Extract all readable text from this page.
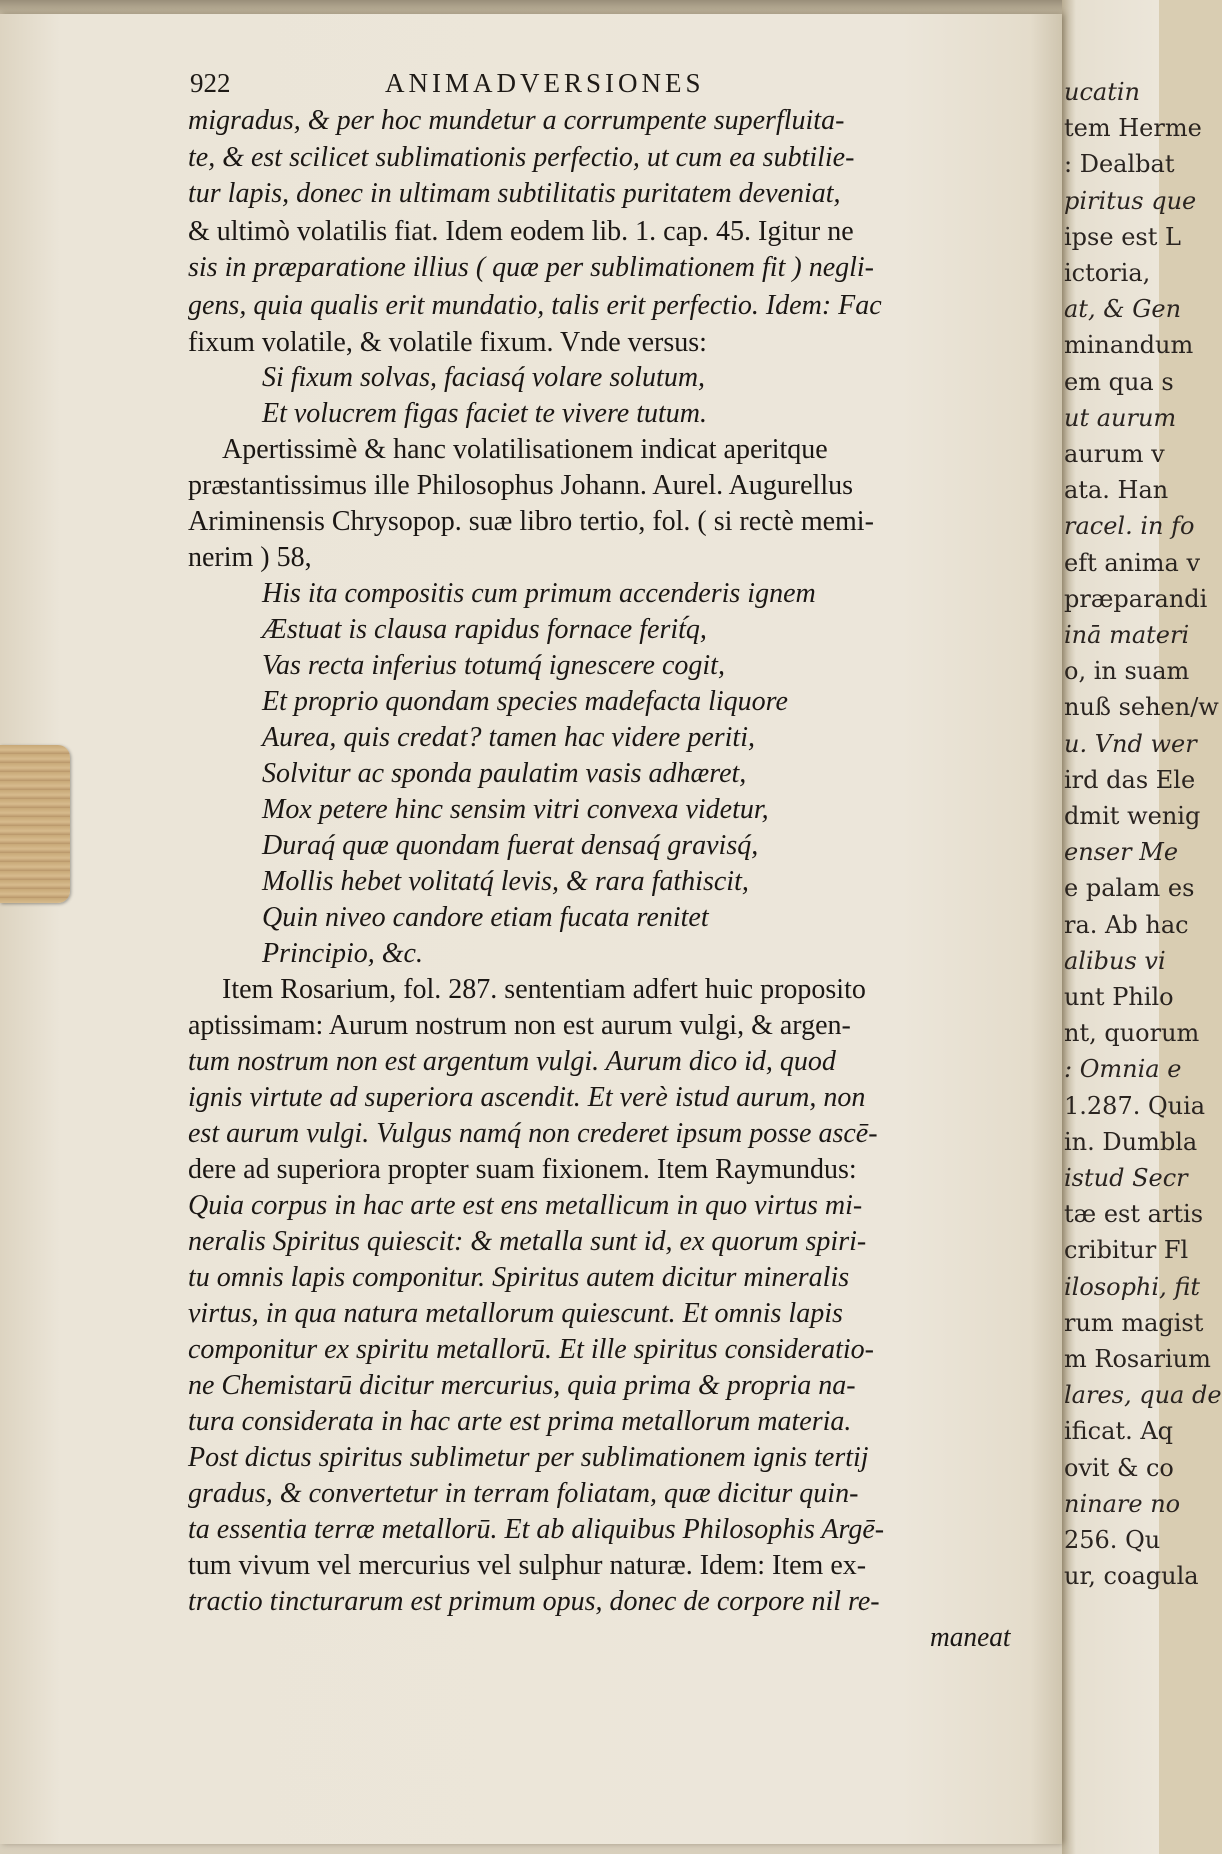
ucatin
tem Herme
: Dealbat
piritus que
ipse est L
ictoria,
at, & Gen
minandum
em qua s
ut aurum
aurum v
ata. Han
racel. in fo
eft anima v
præparandi
inā materi
o, in suam
nuß sehen/w
u. Vnd wer
ird das Ele
dmit wenig
enser Me
e palam es
ra. Ab hac
alibus vi
unt Philo
nt, quorum
: Omnia e
1.287. Quia
in. Dumbla
istud Secr
tæ est artis
cribitur Fl
ilosophi, fit
rum magist
m Rosarium
lares, qua de
ificat. Aq
ovit & co
ninare no
256. Qu
ur, coagula
922	ANIMADVERSIONES
migradus, & per hoc mundetur a corrumpente superfluita-
te, & est scilicet sublimationis perfectio, ut cum ea subtilie-
tur lapis, donec in ultimam subtilitatis puritatem deveniat,
& ultimò volatilis fiat. Idem eodem lib. 1. cap. 45. Igitur ne
sis in præparatione illius ( quæ per sublimationem fit ) negli-
gens, quia qualis erit mundatio, talis erit perfectio. Idem: Fac
fixum volatile, & volatile fixum. Vnde versus:
Si fixum solvas, faciasq́ volare solutum,
Et volucrem figas faciet te vivere tutum.
Apertissimè & hanc volatilisationem indicat aperitque
præstantissimus ille Philosophus Johann. Aurel. Augurellus
Ariminensis Chrysopop. suæ libro tertio, fol. ( si rectè memi-
nerim ) 58,
His ita compositis cum primum accenderis ignem
Æstuat is clausa rapidus fornace ferit́q,
Vas recta inferius totumq́ ignescere cogit,
Et proprio quondam species madefacta liquore
Aurea, quis credat? tamen hac videre periti,
Solvitur ac sponda paulatim vasis adhæret,
Mox petere hinc sensim vitri convexa videtur,
Duraq́ quæ quondam fuerat densaq́ gravisq́,
Mollis hebet volitatq́ levis, & rara fathiscit,
Quin niveo candore etiam fucata renitet
Principio, &c.
Item Rosarium, fol. 287. sententiam adfert huic proposito
aptissimam: Aurum nostrum non est aurum vulgi, & argen-
tum nostrum non est argentum vulgi. Aurum dico id, quod
ignis virtute ad superiora ascendit. Et verè istud aurum, non
est aurum vulgi. Vulgus namq́ non crederet ipsum posse ascē-
dere ad superiora propter suam fixionem. Item Raymundus:
Quia corpus in hac arte est ens metallicum in quo virtus mi-
neralis Spiritus quiescit: & metalla sunt id, ex quorum spiri-
tu omnis lapis componitur. Spiritus autem dicitur mineralis
virtus, in qua natura metallorum quiescunt. Et omnis lapis
componitur ex spiritu metallorū. Et ille spiritus consideratio-
ne Chemistarū dicitur mercurius, quia prima & propria na-
tura considerata in hac arte est prima metallorum materia.
Post dictus spiritus sublimetur per sublimationem ignis tertij
gradus, & convertetur in terram foliatam, quæ dicitur quin-
ta essentia terræ metallorū. Et ab aliquibus Philosophis Argē-
tum vivum vel mercurius vel sulphur naturæ. Idem: Item ex-
tractio tincturarum est primum opus, donec de corpore nil re-
maneat
